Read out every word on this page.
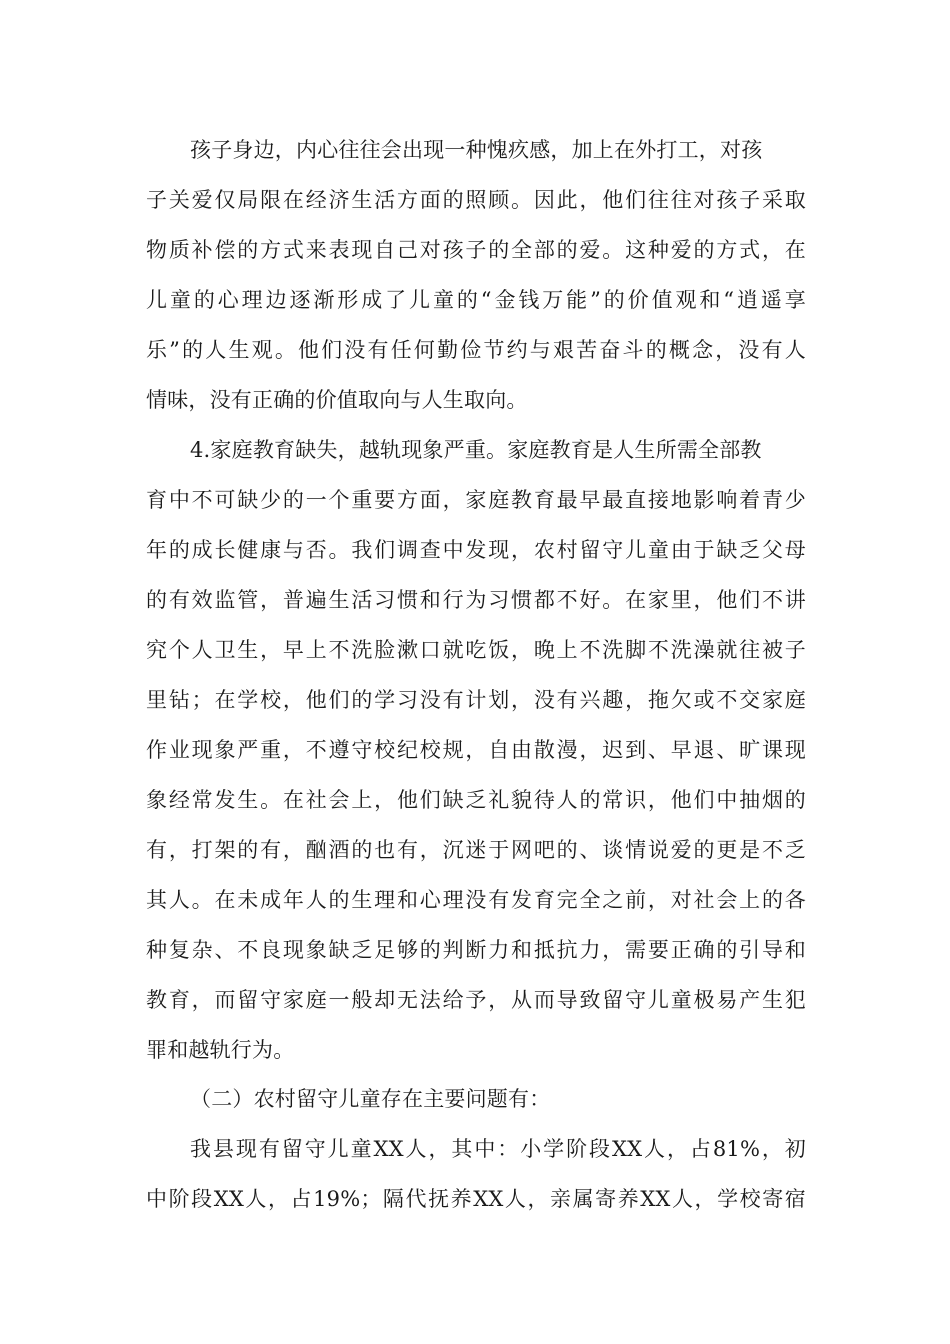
孩子身边，内心往往会出现一种愧疚感，加上在外打工，对孩
子关爱仅局限在经济生活方面的照顾。因此，他们往往对孩子采取
物质补偿的方式来表现自己对孩子的全部的爱。这种爱的方式，在
儿童的心理边逐渐形成了儿童的“金钱万能”的价值观和“逍遥享
乐”的人生观。他们没有任何勤俭节约与艰苦奋斗的概念，没有人
情味，没有正确的价值取向与人生取向。
4.家庭教育缺失，越轨现象严重。家庭教育是人生所需全部教
育中不可缺少的一个重要方面，家庭教育最早最直接地影响着青少
年的成长健康与否。我们调查中发现，农村留守儿童由于缺乏父母
的有效监管，普遍生活习惯和行为习惯都不好。在家里，他们不讲
究个人卫生，早上不洗脸漱口就吃饭，晚上不洗脚不洗澡就往被子
里钻；在学校，他们的学习没有计划，没有兴趣，拖欠或不交家庭
作业现象严重，不遵守校纪校规，自由散漫，迟到、早退、旷课现
象经常发生。在社会上，他们缺乏礼貌待人的常识，他们中抽烟的
有，打架的有，酗酒的也有，沉迷于网吧的、谈情说爱的更是不乏
其人。在未成年人的生理和心理没有发育完全之前，对社会上的各
种复杂、不良现象缺乏足够的判断力和抵抗力，需要正确的引导和
教育，而留守家庭一般却无法给予，从而导致留守儿童极易产生犯
罪和越轨行为。
（二）农村留守儿童存在主要问题有：
我县现有留守儿童XX人，其中：小学阶段XX人，占81%，初
中阶段XX人，占19%；隔代抚养XX人，亲属寄养XX人，学校寄宿
